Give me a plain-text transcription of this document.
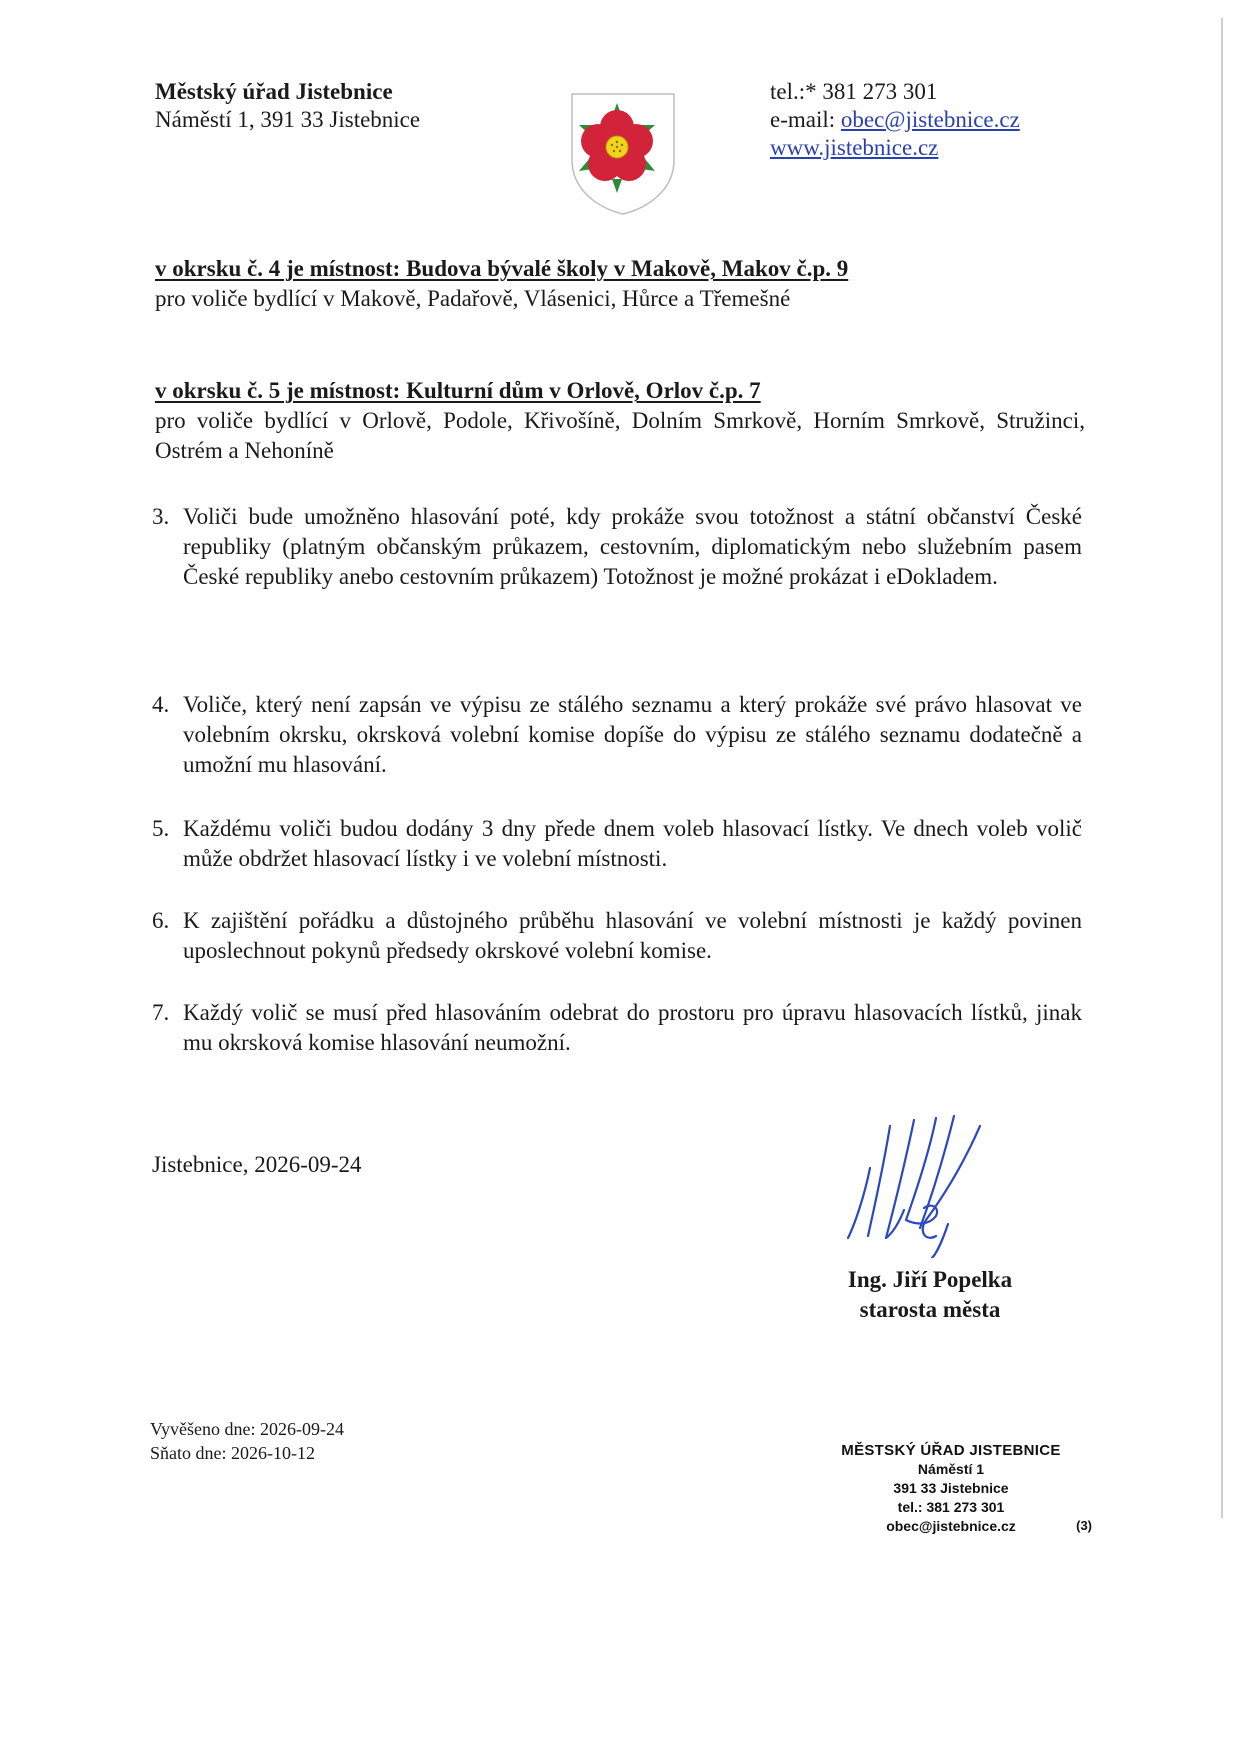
Městský úřad Jistebnice
Náměstí 1, 391 33 Jistebnice
tel.:* 381 273 301
e-mail: obec@jistebnice.cz
www.jistebnice.cz
v okrsku č. 4 je místnost: Budova bývalé školy v Makově, Makov č.p. 9
pro voliče bydlící v Makově, Padařově, Vlásenici, Hůrce a Třemešné
v okrsku č. 5 je místnost: Kulturní dům v Orlově, Orlov č.p. 7
pro voliče bydlící v Orlově, Podole, Křivošíně, Dolním Smrkově, Horním Smrkově, Stružinci, Ostrém a Nehoníně
3. Voliči bude umožněno hlasování poté, kdy prokáže svou totožnost a státní občanství České republiky (platným občanským průkazem, cestovním, diplomatickým nebo služebním pasem České republiky anebo cestovním průkazem) Totožnost je možné prokázat i eDokladem.
4. Voliče, který není zapsán ve výpisu ze stálého seznamu a který prokáže své právo hlasovat ve volebním okrsku, okrsková volební komise dopíše do výpisu ze stálého seznamu dodatečně a umožní mu hlasování.
5. Každému voliči budou dodány 3 dny přede dnem voleb hlasovací lístky. Ve dnech voleb volič může obdržet hlasovací lístky i ve volební místnosti.
6. K zajištění pořádku a důstojného průběhu hlasování ve volební místnosti je každý povinen uposlechnout pokynů předsedy okrskové volební komise.
7. Každý volič se musí před hlasováním odebrat do prostoru pro úpravu hlasovacích lístků, jinak mu okrsková komise hlasování neumožní.
Jistebnice, 2026-09-24
Ing. Jiří Popelka
starosta města
Vyvěšeno dne: 2026-09-24
Sňato dne: 2026-10-12	MĚSTSKÝ ÚŘAD JISTEBNICE
Náměstí 1
391 33 Jistebnice
tel.: 381 273 301
obec@jistebnice.cz	(3)
